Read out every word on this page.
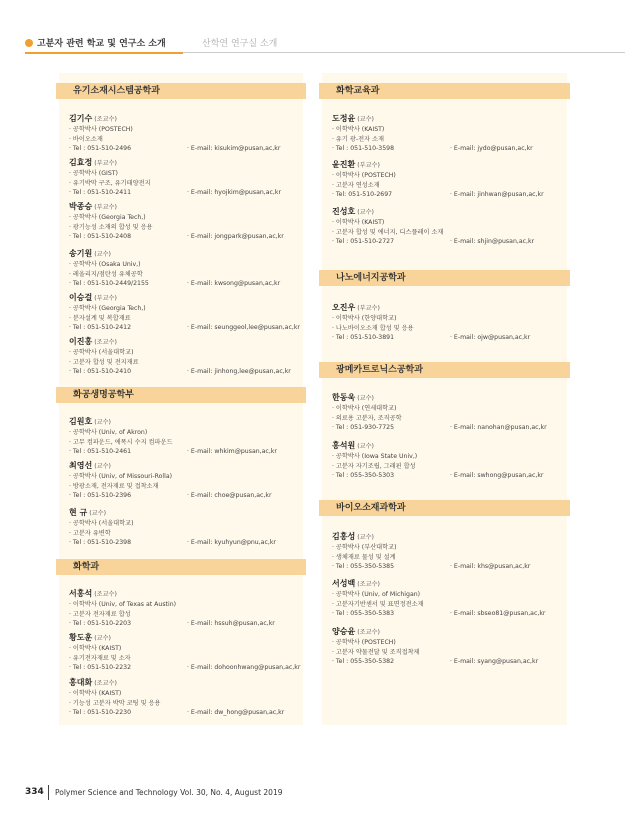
고분자 관련 학교 및 연구소 소개	산학연 연구실 소개
유기소재시스템공학과
김기수 (조교수)
· 공학박사 (POSTECH)
· 바이오소재
· Tel : 051-510-2496	· E-mail: kisukim@pusan,ac,kr
김효정 (부교수)
· 공학박사 (GIST)
· 유기박막 구조, 유기태양전지
· Tel : 051-510-2411	· E-mail: hyojkim@pusan,ac,kr
박종승 (부교수)
· 공학박사 (Georgia Tech,)
· 광기능성 소재의 합성 및 응용
· Tel : 051-510-2408	· E-mail: jongpark@pusan,ac,kr
송기원 (교수)
· 공학박사 (Osaka Univ,)
· 레올리지/점탄성 유체공학
· Tel : 051-510-2449/2155	· E-mail: kwsong@pusan,ac,kr
이승걸 (부교수)
· 공학박사 (Georgia Tech,)
· 분자설계 및 복합재료
· Tel : 051-510-2412	· E-mail: seunggeol,lee@pusan,ac,kr
이진홍 (조교수)
· 공학박사 (서울대학교)
· 고분자 합성 및 전지재료
· Tel : 051-510-2410	· E-mail: jinhong,lee@pusan,ac,kr
화공생명공학부
김원호 (교수)
· 공학박사 (Univ, of Akron)
· 고무 컴파운드, 에폭시 수지 컴파운드
· Tel : 051-510-2461	· E-mail: whkim@pusan,ac,kr
최영선 (교수)
· 공학박사 (Univ, of Missouri-Rolla)
· 방광소재, 전자재료 및 접착소재
· Tel : 051-510-2396	· E-mail: choe@pusan,ac,kr
현 규 (교수)
· 공학박사 (서울대학교)
· 고분자 유변학
· Tel : 051-510-2398	· E-mail: kyuhyun@pnu,ac,kr
화학과
서홍석 (조교수)
· 이학박사 (Univ, of Texas at Austin)
· 고분자 전자재료 합성
· Tel : 051-510-2203	· E-mail: hssuh@pusan,ac,kr
황도훈 (교수)
· 이학박사 (KAIST)
· 유기전자재료 및 소자
· Tel : 051-510-2232	· E-mail: dohoonhwang@pusan,ac,kr
홍대화 (조교수)
· 이학박사 (KAIST)
· 기능성 고분자 박막 코팅 및 응용
· Tel : 051-510-2230	· E-mail: dw_hong@pusan,ac,kr
화학교육과
도정윤 (교수)
· 이학박사 (KAIST)
· 유기 광-전자 소재
· Tel : 051-510-3598	· E-mail: jydo@pusan,ac,kr
윤진환 (부교수)
· 이학박사 (POSTECH)
· 고분자 연성소재
· Tel: 051-510-2697	· E-mail: jinhwan@pusan,ac,kr
진성호 (교수)
· 이학박사 (KAIST)
· 고분자 합성 및 에너지, 디스플레이 소재
· Tel : 051-510-2727	· E-mail: shjin@pusan,ac,kr
나노에너지공학과
오진우 (부교수)
· 이학박사 (한양대학교)
· 나노바이오소재 합성 및 응용
· Tel : 051-510-3891	· E-mail: ojw@pusan,ac,kr
광메카트로닉스공학과
한동욱 (교수)
· 이학박사 (연세대학교)
· 의료용 고분자, 조직공학
· Tel : 051-930-7725	· E-mail: nanohan@pusan,ac,kr
홍석원 (교수)
· 공학박사 (Iowa State Univ,)
· 고분자 자기조립, 그래핀 합성
· Tel : 055-350-5303	· E-mail: swhong@pusan,ac,kr
바이오소재과학과
김홍성 (교수)
· 공학박사 (부산대학교)
· 생체재료 물성 및 설계
· Tel : 055-350-5385	· E-mail: khs@pusan,ac,kr
서성백 (조교수)
· 공학박사 (Univ, of Michigan)
· 고분자기반센서 및 표면정전소재
· Tel : 055-350-5383	· E-mail: sbseo81@pusan,ac,kr
양승윤 (조교수)
· 공학박사 (POSTECH)
· 고분자 약물전달 및 조직접착제
· Tel : 055-350-5382	· E-mail: syang@pusan,ac,kr
334 Polymer Science and Technology Vol. 30, No. 4, August 2019
